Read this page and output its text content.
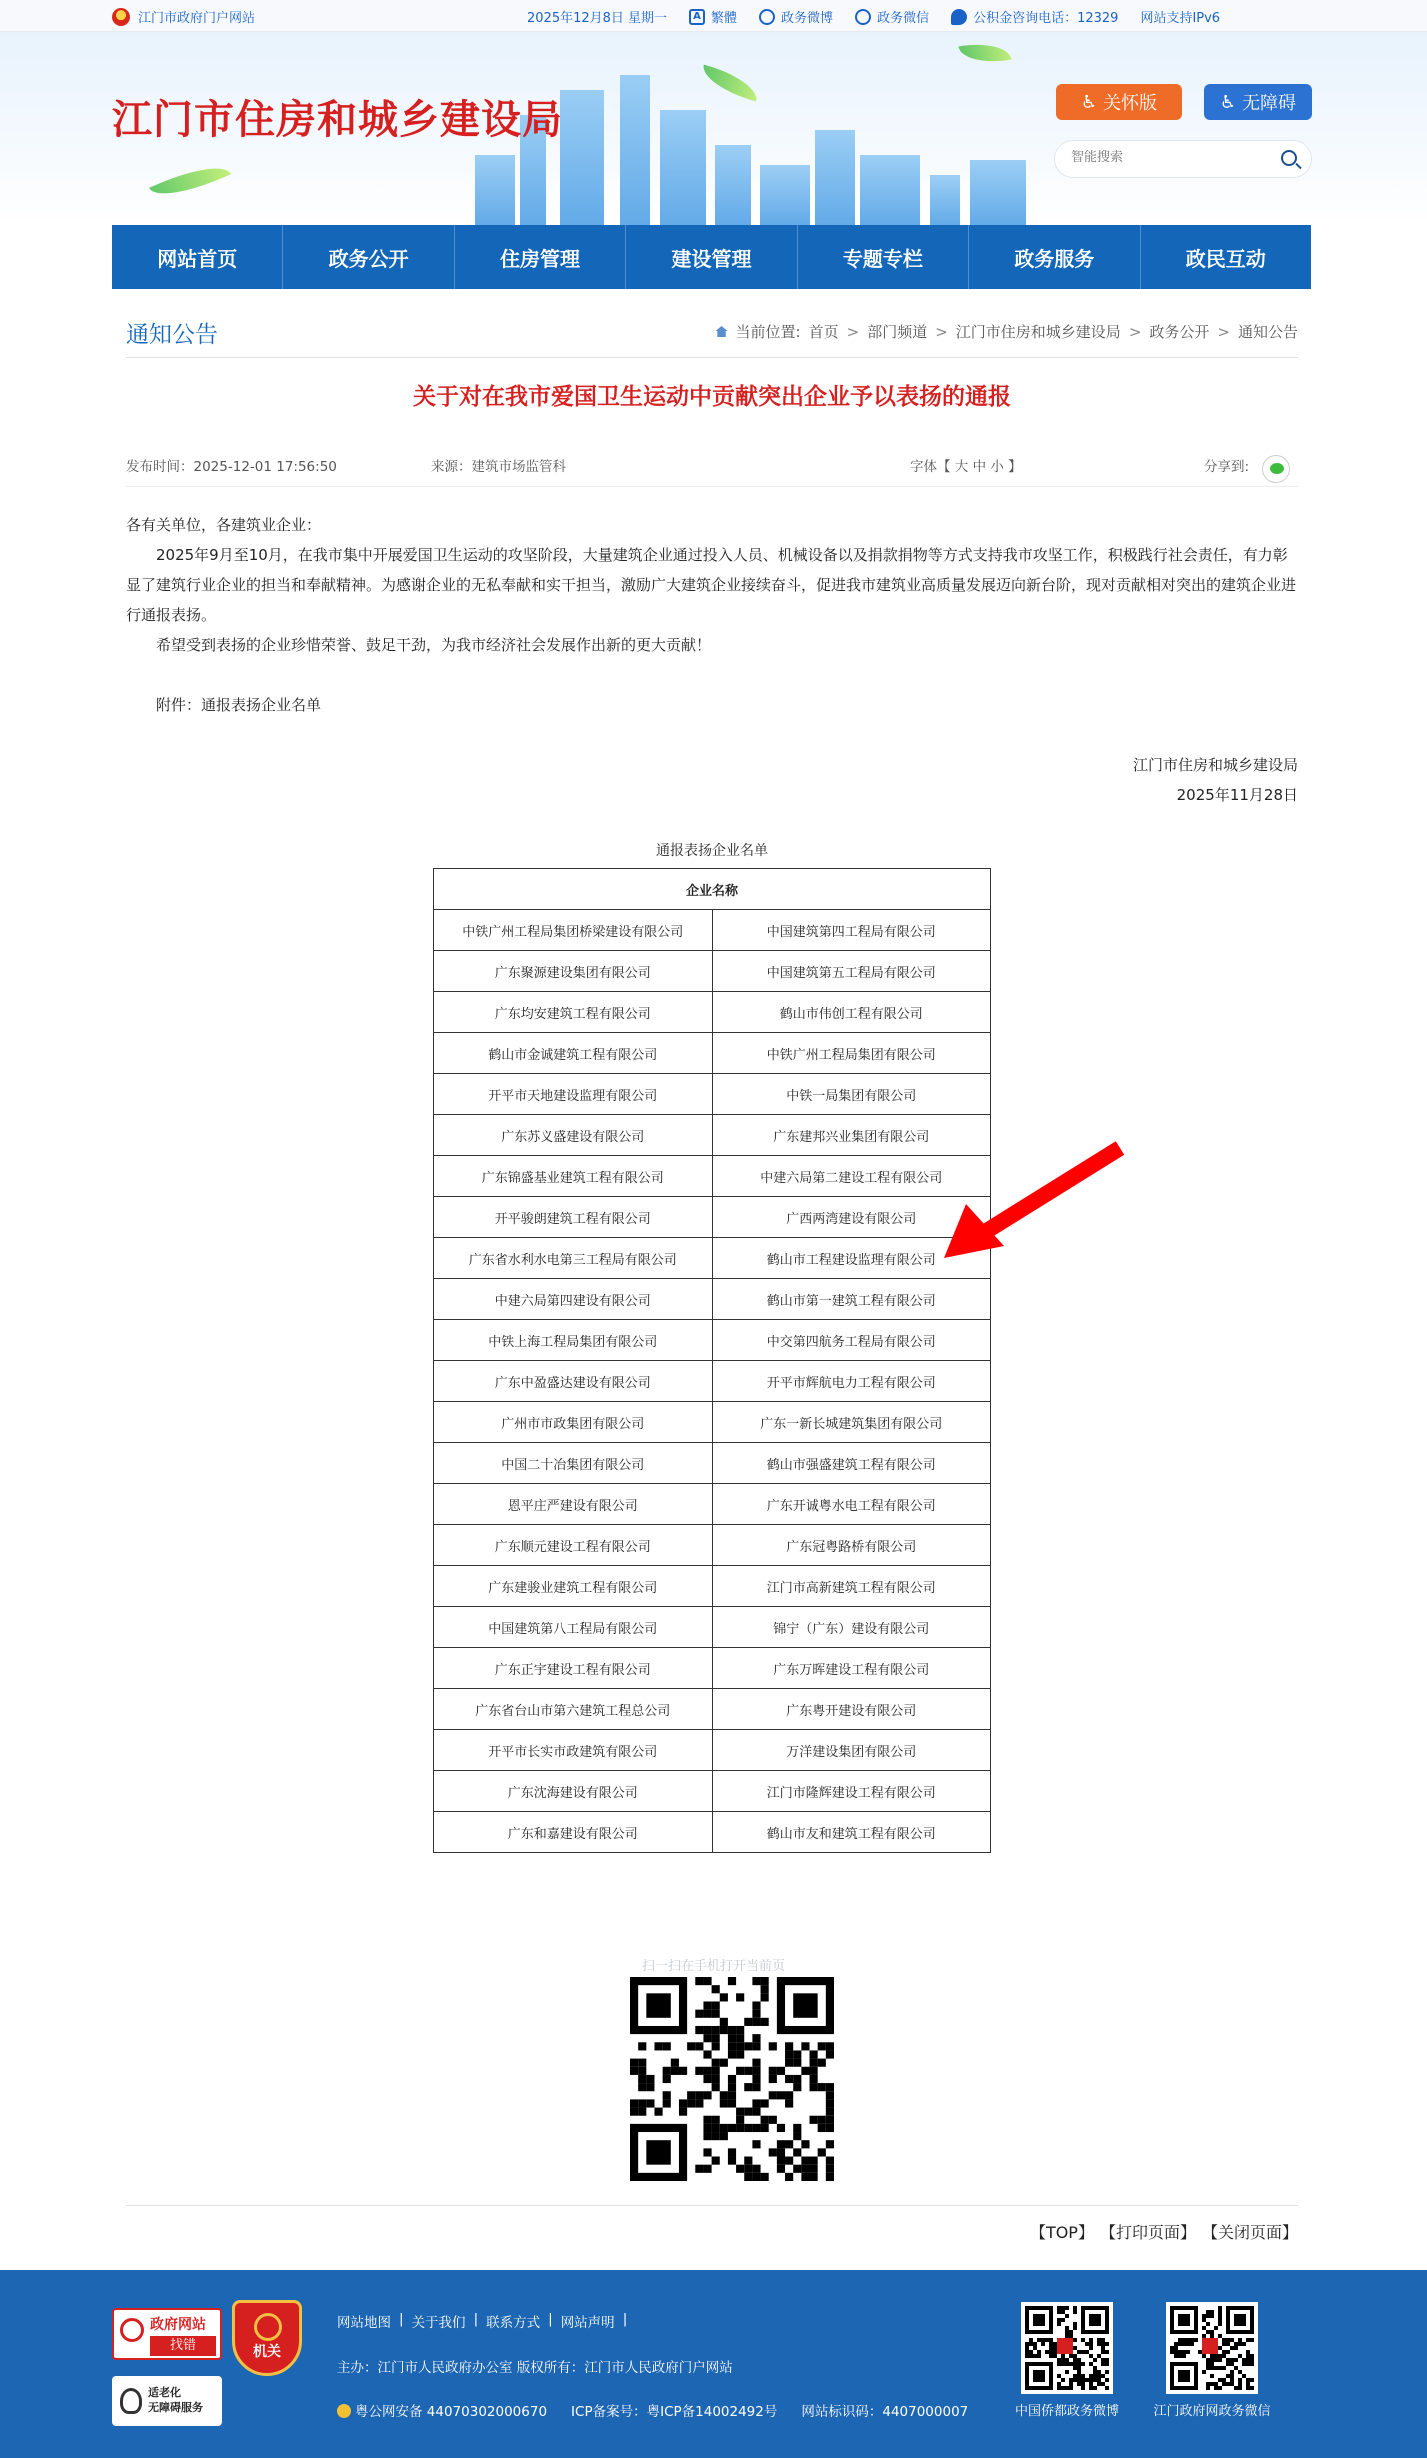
江门市政府门户网站	2025年12月8日 星期一	A 繁體	政务微博	政务微信	公积金咨询电话：12329 网站支持IPv6
江门市住房和城乡建设局	♿︎ 关怀版	♿ 无障碍
智能搜索
网站首页	政务公开	住房管理	建设管理	专题专栏	政务服务	政民互动
通知公告	当前位置: 首页 > 部门频道 > 江门市住房和城乡建设局 > 政务公开 > 通知公告
关于对在我市爱国卫生运动中贡献突出企业予以表扬的通报
发布时间：2025-12-01 17:56:50	来源：建筑市场监管科	字体【 大 中 小 】	分享到:

各有关单位，各建筑业企业：

2025年9月至10月，在我市集中开展爱国卫生运动的攻坚阶段，大量建筑企业通过投入人员、机械设备以及捐款捐物等方式支持我市攻坚工作，积极践行社会责任，有力彰显了建筑行业企业的担当和奉献精神。为感谢企业的无私奉献和实干担当，激励广大建筑企业接续奋斗，促进我市建筑业高质量发展迈向新台阶，现对贡献相对突出的建筑企业进行通报表扬。

希望受到表扬的企业珍惜荣誉、鼓足干劲，为我市经济社会发展作出新的更大贡献！

附件：通报表扬企业名单

江门市住房和城乡建设局

2025年11月28日

通报表扬企业名单
企业名称	
中铁广州工程局集团桥梁建设有限公司	中国建筑第四工程局有限公司
广东聚源建设集团有限公司	中国建筑第五工程局有限公司
广东均安建筑工程有限公司	鹤山市伟创工程有限公司
鹤山市金诚建筑工程有限公司	中铁广州工程局集团有限公司
开平市天地建设监理有限公司	中铁一局集团有限公司
广东苏义盛建设有限公司	广东建邦兴业集团有限公司
广东锦盛基业建筑工程有限公司	中建六局第二建设工程有限公司
开平骏朗建筑工程有限公司	广西两湾建设有限公司
广东省水利水电第三工程局有限公司	鹤山市工程建设监理有限公司
中建六局第四建设有限公司	鹤山市第一建筑工程有限公司
中铁上海工程局集团有限公司	中交第四航务工程局有限公司
广东中盈盛达建设有限公司	开平市辉航电力工程有限公司
广州市市政集团有限公司	广东一新长城建筑集团有限公司
中国二十冶集团有限公司	鹤山市强盛建筑工程有限公司
恩平庄严建设有限公司	广东开诚粤水电工程有限公司
广东顺元建设工程有限公司	广东冠粤路桥有限公司
广东建骏业建筑工程有限公司	江门市高新建筑工程有限公司
中国建筑第八工程局有限公司	锦宁（广东）建设有限公司
广东正宇建设工程有限公司	广东万晖建设工程有限公司
广东省台山市第六建筑工程总公司	广东粤开建设有限公司
开平市长实市政建筑有限公司	万洋建设集团有限公司
广东沈海建设有限公司	江门市隆辉建设工程有限公司
广东和嘉建设有限公司	鹤山市友和建筑工程有限公司
扫一扫在手机打开当前页
【TOP】 【打印页面】 【关闭页面】
政府网站
找错	机关
适老化
无障碍服务
网站地图 | 关于我们 | 联系方式 | 网站声明 |
主办：江门市人民政府办公室 版权所有：江门市人民政府门户网站
粤公网安备 44070302000670 ICP备案号：粤ICP备14002492号 网站标识码：4407000007	中国侨都政务微博	江门政府网政务微信
